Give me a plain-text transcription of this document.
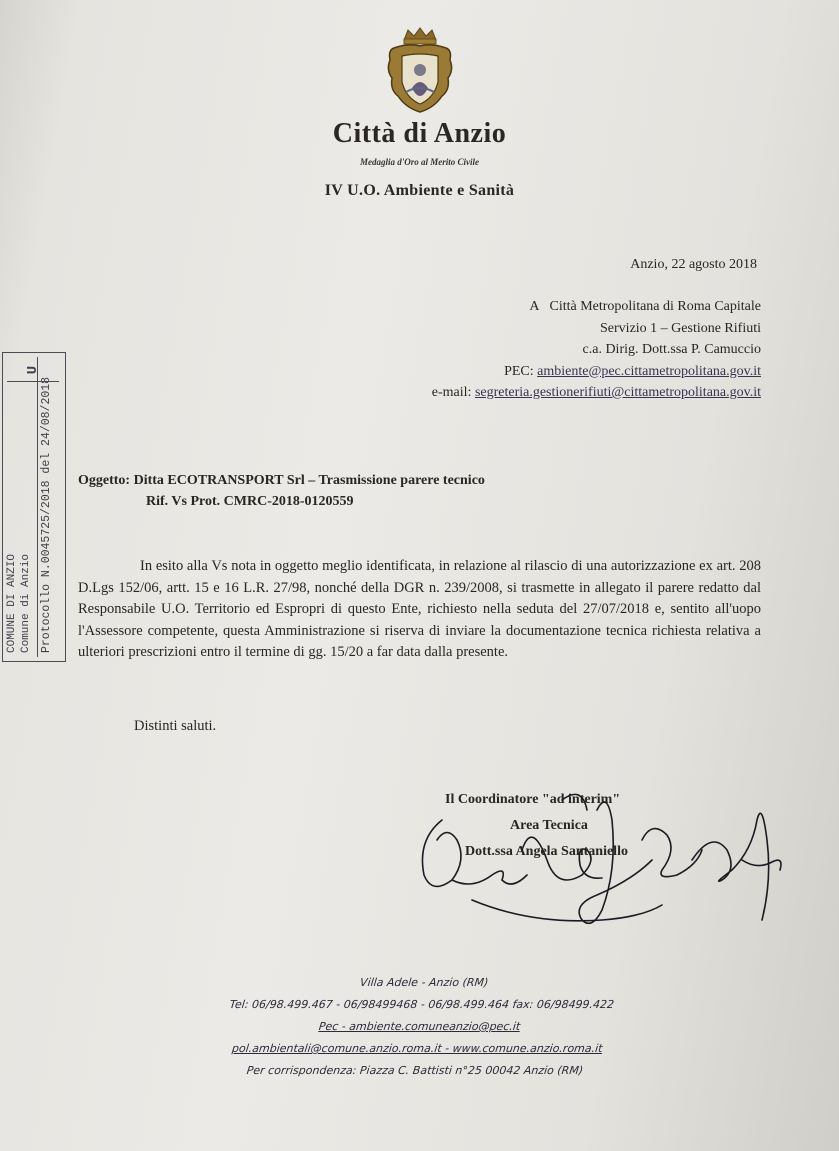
Città di Anzio
Medaglia d'Oro al Merito Civile
IV U.O. Ambiente e Sanità
Anzio, 22 agosto 2018
A Città Metropolitana di Roma Capitale
Servizio 1 – Gestione Rifiuti
c.a. Dirig. Dott.ssa P. Camuccio
PEC: ambiente@pec.cittametropolitana.gov.it
e-mail: segreteria.gestionerifiuti@cittametropolitana.gov.it
COMUNE DI ANZIO Comune di Anzio Protocollo N.0045725/2018 del 24/08/2018
U
Oggetto: Ditta ECOTRANSPORT Srl – Trasmissione parere tecnico
Rif. Vs Prot. CMRC-2018-0120559

In esito alla Vs nota in oggetto meglio identificata, in relazione al rilascio di una autorizzazione ex art. 208 D.Lgs 152/06, artt. 15 e 16 L.R. 27/98, nonché della DGR n. 239/2008, si trasmette in allegato il parere redatto dal Responsabile U.O. Territorio ed Espropri di questo Ente, richiesto nella seduta del 27/07/2018 e, sentito all'uopo l'Assessore competente, questa Amministrazione si riserva di inviare la documentazione tecnica richiesta relativa a ulteriori prescrizioni entro il termine di gg. 15/20 a far data dalla presente.

Distinti saluti.
Il Coordinatore "ad interim"
Area Tecnica
Dott.ssa Angela Santaniello
Villa Adele - Anzio (RM)
Tel: 06/98.499.467 - 06/98499468 - 06/98.499.464 fax: 06/98499.422
Pec - ambiente.comuneanzio@pec.it
pol.ambientali@comune.anzio.roma.it - www.comune.anzio.roma.it
Per corrispondenza: Piazza C. Battisti n°25 00042 Anzio (RM)
